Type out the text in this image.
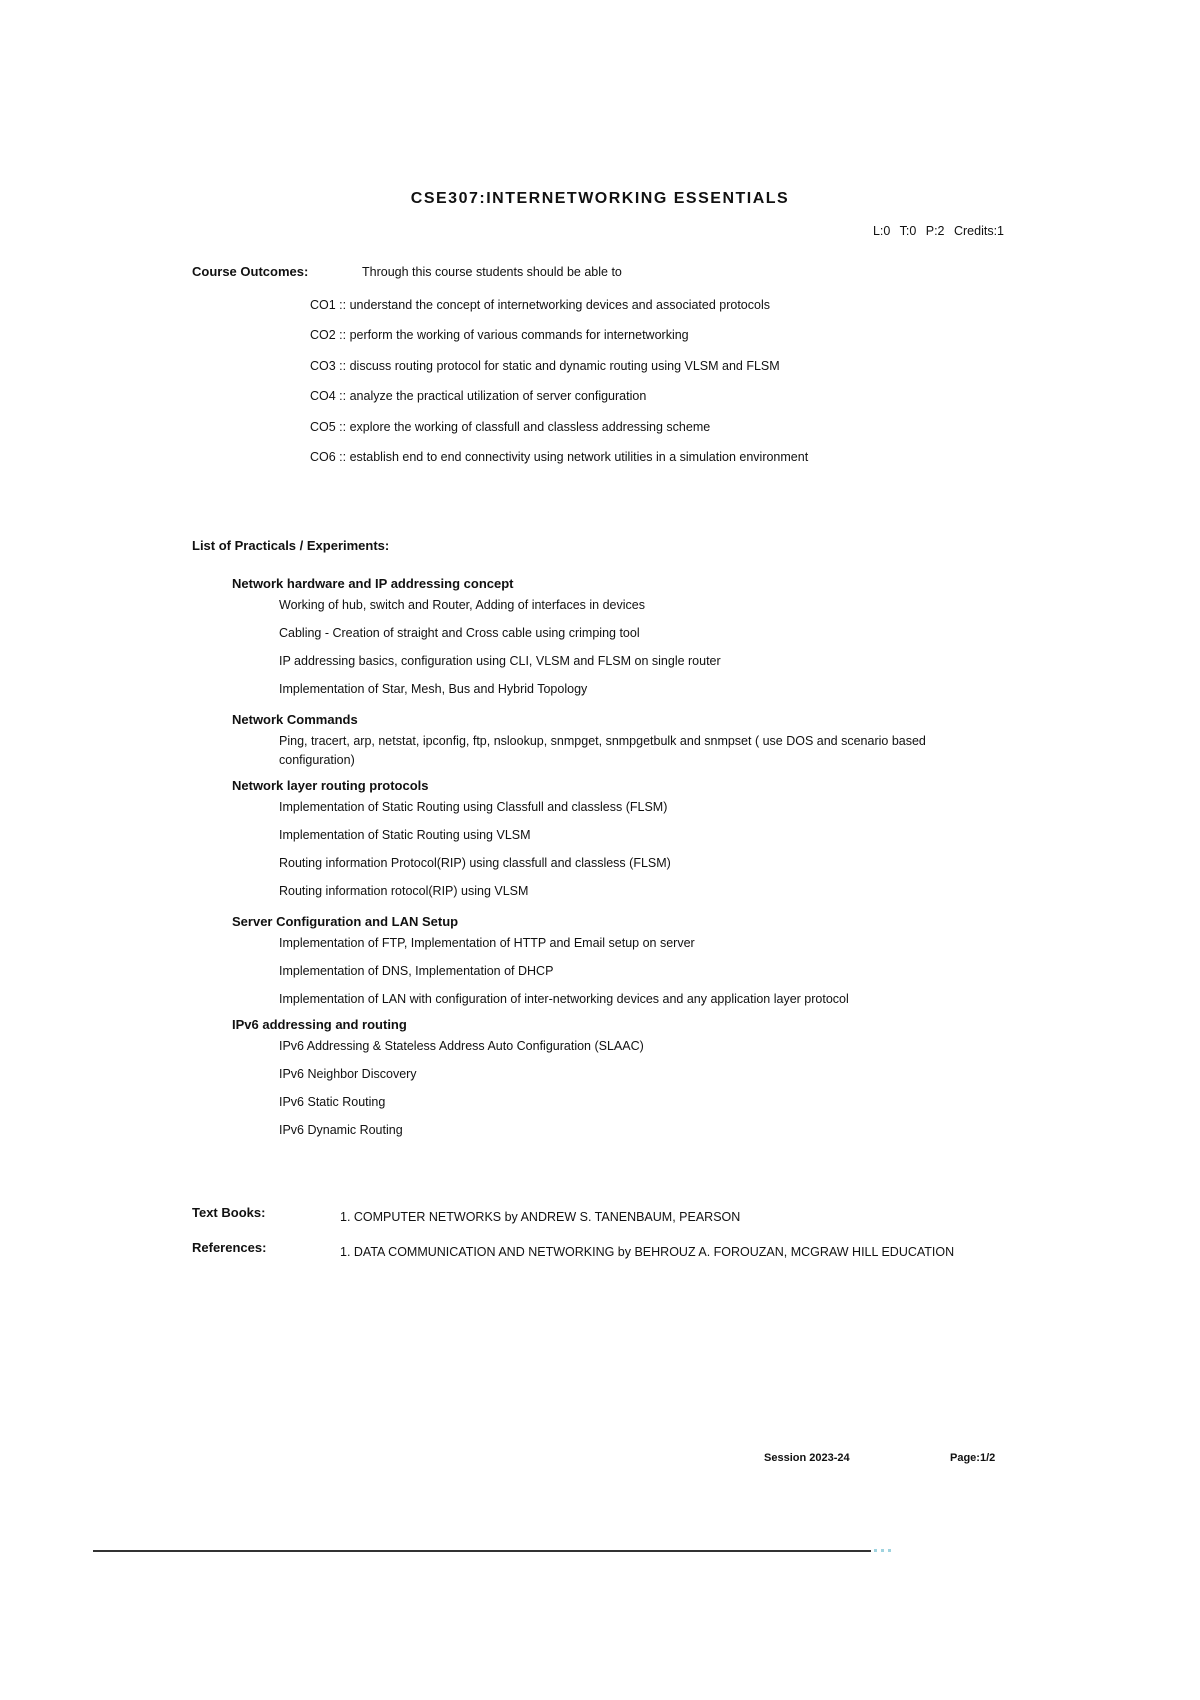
CSE307:INTERNETWORKING ESSENTIALS
L:0 T:0 P:2 Credits:1
Course Outcomes:	Through this course students should be able to
CO1 :: understand the concept of internetworking devices and associated protocols
CO2 :: perform the working of various commands for internetworking
CO3 :: discuss routing protocol for static and dynamic routing using VLSM and FLSM
CO4 :: analyze the practical utilization of server configuration
CO5 :: explore the working of classfull and classless addressing scheme
CO6 :: establish end to end connectivity using network utilities in a simulation environment
List of Practicals / Experiments:
Network hardware and IP addressing concept
Working of hub, switch and Router, Adding of interfaces in devices
Cabling - Creation of straight and Cross cable using crimping tool
IP addressing basics, configuration using CLI, VLSM and FLSM on single router
Implementation of Star, Mesh, Bus and Hybrid Topology
Network Commands
Ping, tracert, arp, netstat, ipconfig, ftp, nslookup, snmpget, snmpgetbulk and snmpset ( use DOS and scenario based configuration)
Network layer routing protocols
Implementation of Static Routing using Classfull and classless (FLSM)
Implementation of Static Routing using VLSM
Routing information Protocol(RIP) using classfull and classless (FLSM)
Routing information rotocol(RIP) using VLSM
Server Configuration and LAN Setup
Implementation of FTP, Implementation of HTTP and Email setup on server
Implementation of DNS, Implementation of DHCP
Implementation of LAN with configuration of inter-networking devices and any application layer protocol
IPv6 addressing and routing
IPv6 Addressing & Stateless Address Auto Configuration (SLAAC)
IPv6 Neighbor Discovery
IPv6 Static Routing
IPv6 Dynamic Routing
Text Books:	1. COMPUTER NETWORKS by ANDREW S. TANENBAUM, PEARSON
References:	1. DATA COMMUNICATION AND NETWORKING by BEHROUZ A. FOROUZAN, MCGRAW HILL EDUCATION
Session 2023-24	Page:1/2
